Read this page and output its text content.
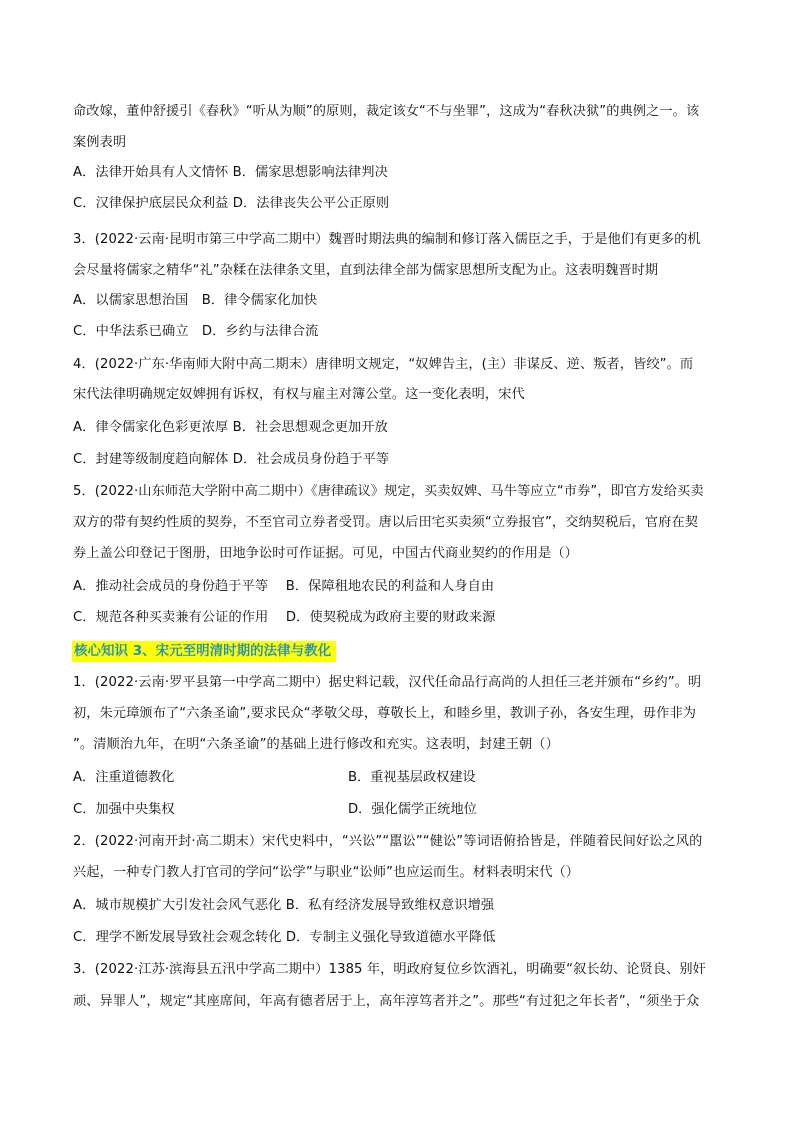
命改嫁，董仲舒援引《春秋》“听从为顺”的原则，裁定该女“不与坐罪”，这成为“春秋决狱”的典例之一。该
案例表明
A．法律开始具有人文情怀 B．儒家思想影响法律判决
C．汉律保护底层民众利益 D．法律丧失公平公正原则
3．(2022·云南·昆明市第三中学高二期中）魏晋时期法典的编制和修订落入儒臣之手，于是他们有更多的机
会尽量将儒家之精华“礼”杂糅在法律条文里，直到法律全部为儒家思想所支配为止。这表明魏晋时期
A．以儒家思想治国　B．律令儒家化加快
C．中华法系已确立　D．乡约与法律合流
4．(2022·广东·华南师大附中高二期末）唐律明文规定，“奴婢告主，(主）非谋反、逆、叛者，皆绞”。而
宋代法律明确规定奴婢拥有诉权，有权与雇主对簿公堂。这一变化表明，宋代
A．律令儒家化色彩更浓厚 B．社会思想观念更加开放
C．封建等级制度趋向解体 D．社会成员身份趋于平等
5．(2022·山东师范大学附中高二期中）《唐律疏议》规定，买卖奴婢、马牛等应立“市券”，即官方发给买卖
双方的带有契约性质的契券，不至官司立券者受罚。唐以后田宅买卖须“立券报官”，交纳契税后，官府在契
券上盖公印登记于图册，田地争讼时可作证据。可见，中国古代商业契约的作用是（）
A．推动社会成员的身份趋于平等　 B．保障租地农民的利益和人身自由
C．规范各种买卖兼有公证的作用　 D．使契税成为政府主要的财政来源
核心知识 3、宋元至明清时期的法律与教化
1．(2022·云南·罗平县第一中学高二期中）据史料记载，汉代任命品行高尚的人担任三老并颁布“乡约”。明
初，朱元璋颁布了“六条圣谕”,要求民众“孝敬父母，尊敬长上，和睦乡里，教训子孙，各安生理，毋作非为
”。清顺治九年，在明“六条圣谕”的基础上进行修改和充实。这表明，封建王朝（）
A．注重道德教化	B．重视基层政权建设
C．加强中央集权	D．强化儒学正统地位
2．(2022·河南开封·高二期末）宋代史料中，“兴讼”“嚚讼”“健讼”等词语俯拾皆是，伴随着民间好讼之风的
兴起，一种专门教人打官司的学问“讼学”与职业“讼师”也应运而生。材料表明宋代（）
A．城市规模扩大引发社会风气恶化 B．私有经济发展导致维权意识增强
C．理学不断发展导致社会观念转化 D．专制主义强化导致道德水平降低
3．(2022·江苏·滨海县五汛中学高二期中）1385 年，明政府复位乡饮酒礼，明确要“叙长幼、论贤良、别奸
顽、异罪人”，规定“其座席间，年高有德者居于上，高年淳笃者并之”。那些“有过犯之年长者”，“须坐于众
